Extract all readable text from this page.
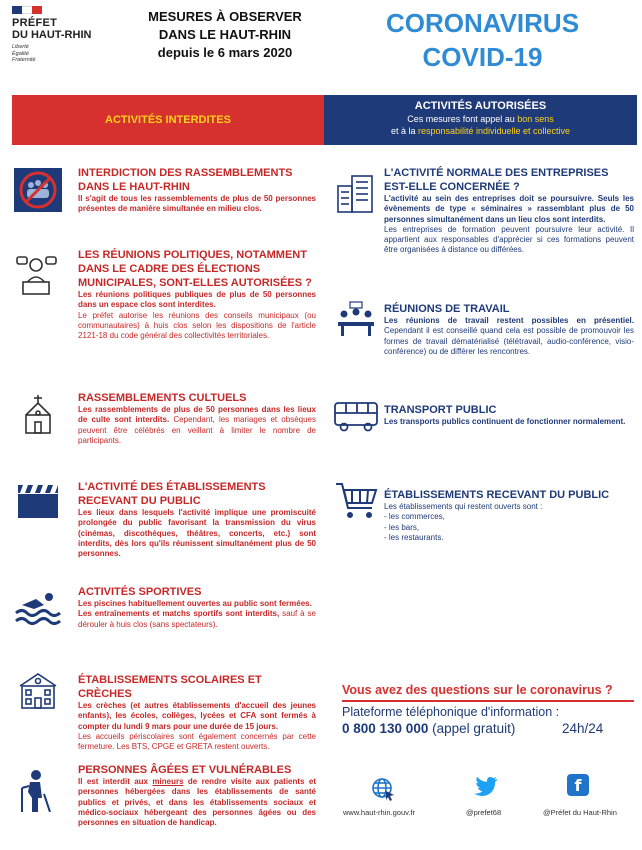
PRÉFET
DU HAUT-RHIN
Liberté
Égalité
Fraternité
MESURES À OBSERVER
DANS LE HAUT-RHIN
depuis le 6 mars 2020
CORONAVIRUS
COVID-19
ACTIVITÉS INTERDITES
ACTIVITÉS AUTORISÉES
Ces mesures font appel au bon sens
et à la responsabilité individuelle et collective
INTERDICTION DES RASSEMBLEMENTS DANS LE HAUT-RHIN

Il s'agit de tous les rassemblements de plus de 50 personnes présentes de manière simultanée en milieu clos.

LES RÉUNIONS POLITIQUES, NOTAMMENT DANS LE CADRE DES ÉLECTIONS MUNICIPALES, SONT-ELLES AUTORISÉES ?

Les réunions politiques publiques de plus de 50 personnes dans un espace clos sont interdites.

Le préfet autorise les réunions des conseils municipaux (ou communautaires) à huis clos selon les dispositions de l'article 2121-18 du code général des collectivités territoriales.

RASSEMBLEMENTS CULTUELS

Les rassemblements de plus de 50 personnes dans les lieux de culte sont interdits. Cependant, les mariages et obsèques peuvent être célébrés en veillant à limiter le nombre de participants.

L'ACTIVITÉ DES ÉTABLISSEMENTS RECEVANT DU PUBLIC

Les lieux dans lesquels l'activité implique une promiscuité prolongée du public favorisant la transmission du virus (cinémas, discothèques, théâtres, concerts, etc.) sont interdits, dès lors qu'ils réunissent simultanément plus de 50 personnes.

ACTIVITÉS SPORTIVES

Les piscines habituellement ouvertes au public sont fermées.

Les entraînements et matchs sportifs sont interdits, sauf à se dérouler à huis clos (sans spectateurs).

ÉTABLISSEMENTS SCOLAIRES ET CRÈCHES

Les crèches (et autres établissements d'accueil des jeunes enfants), les écoles, collèges, lycées et CFA sont fermés à compter du lundi 9 mars pour une durée de 15 jours.

Les accueils périscolaires sont également concernés par cette fermeture. Les BTS, CPGE et GRETA restent ouverts.

PERSONNES ÂGÉES ET VULNÉRABLES

Il est interdit aux mineurs de rendre visite aux patients et personnes hébergées dans les établissements de santé publics et privés, et dans les établissements sociaux et médico-sociaux hébergeant des personnes âgées ou des personnes en situation de handicap.

L'ACTIVITÉ NORMALE DES ENTREPRISES EST-ELLE CONCERNÉE ?

L'activité au sein des entreprises doit se poursuivre. Seuls les évènements de type « séminaires » rassemblant plus de 50 personnes simultanément dans un lieu clos sont interdits.

Les entreprises de formation peuvent poursuivre leur activité. Il appartient aux responsables d'apprécier si ces formations peuvent être organisées à distance ou différées.

RÉUNIONS DE TRAVAIL

Les réunions de travail restent possibles en présentiel. Cependant il est conseillé quand cela est possible de promouvoir les formes de travail dématérialisé (télétravail, audio-conférence, visio-conférence) ou de différer les rencontres.

TRANSPORT PUBLIC

Les transports publics continuent de fonctionner normalement.

ÉTABLISSEMENTS RECEVANT DU PUBLIC

Les établissements qui restent ouverts sont :

- les commerces,

- les bars,

- les restaurants.

Vous avez des questions sur le coronavirus ?
Plateforme téléphonique d'information :
0 800 130 000 (appel gratuit)	24h/24
f
www.haut-rhin.gouv.fr	@prefet68	@Préfet du Haut-Rhin
